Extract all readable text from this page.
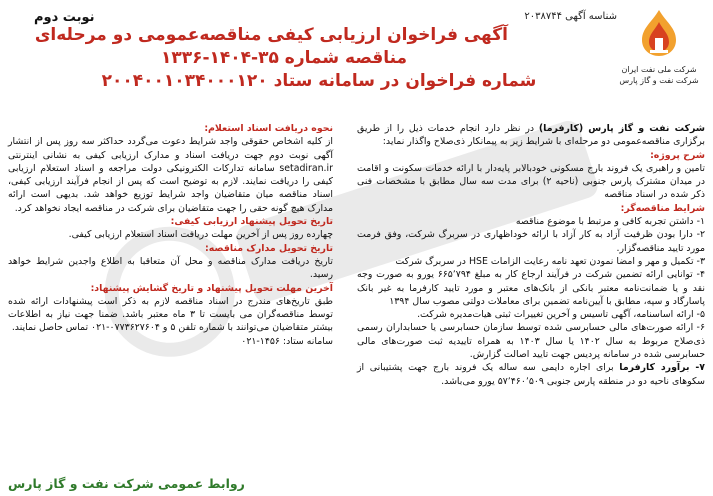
شرکت ملی نفت ایران
شرکت نفت و گاز پارس
شناسه آگهی ۲۰۳۸۷۴۴
نوبت دوم
آگهی فراخوان ارزیابی کیفی مناقصه‌عمومی دو مرحله‌ای
مناقصه شماره ۳۵-۱۴۰۴-۱۳۳۶
شماره فراخوان در سامانه ستاد ۲۰۰۴۰۰۱۰۳۴۰۰۰۱۲۰

شرکت نفت و گاز پارس (کارفرما) در نظر دارد انجام خدمات ذیل را از طریق برگزاری مناقصه‌عمومی دو مرحله‌ای با شرایط زیر به پیمانکار ذی‌صلاح واگذار نماید:

شرح پروژه:

تامین و راهبری یک فروند بارج مسکونی خودبالابر پایه‌دار با ارائه خدمات سکونت و اقامت در میدان مشترک پارس جنوبی (ناحیه ۲) برای مدت سه سال مطابق با مشخصات فنی ذکر شده در اسناد مناقصه

شرایط مناقصه‌گر:

۱- داشتن تجربه کافی و مرتبط با موضوع مناقصه

۲- دارا بودن ظرفیت آزاد به کار آزاد با ارائه خوداظهاری در سربرگ شرکت، وفق فرمت مورد تایید مناقصه‌گزار.

۳- تکمیل و مهر و امضا نمودن تعهد نامه رعایت الزامات HSE در سربرگ شرکت

۴- توانایی ارائه تضمین شرکت در فرآیند ارجاع کار به مبلغ ۶۶۵٬۷۹۴ یورو به صورت وجه نقد و یا ضمانت‌نامه معتبر بانکی از بانک‌های معتبر و مورد تایید کارفرما به غیر بانک پاسارگاد و سپه، مطابق با آیین‌نامه تضمین برای معاملات دولتی مصوب سال ۱۳۹۴

۵- ارائه اساسنامه، آگهی تاسیس و آخرین تغییرات ثبتی هیات‌مدیره شرکت.

۶- ارائه صورت‌های مالی حسابرسی شده توسط سازمان حسابرسی یا حسابداران رسمی ذی‌صلاح مربوط به سال ۱۴۰۲ یا سال ۱۴۰۳ به همراه تاییدیه ثبت صورت‌های مالی حسابرسی شده در سامانه پردیس جهت تایید اصالت گزارش.

۷- برآورد کارفرما برای اجاره دایمی سه ساله یک فروند بارج جهت پشتیبانی از سکوهای ناحیه دو در منطقه پارس جنوبی ۵۷٬۴۶۰٬۵۰۹ یورو می‌باشد.

نحوه دریافت اسناد استعلام:

از کلیه اشخاص حقوقی واجد شرایط دعوت می‌گردد حداکثر سه روز پس از انتشار آگهی نوبت دوم جهت دریافت اسناد و مدارک ارزیابی کیفی به نشانی اینترنتی setadiran.ir سامانه تدارکات الکترونیکی دولت مراجعه و اسناد استعلام ارزیابی کیفی را دریافت نمایند. لازم به توضیح است که پس از انجام فرآیند ارزیابی کیفی، اسناد مناقصه میان متقاضیان واجد شرایط توزیع خواهد شد. بدیهی است ارائه مدارک هیچ گونه حقی را جهت متقاضیان برای شرکت در مناقصه ایجاد نخواهد کرد.

تاریخ تحویل پیشنهاد ارزیابی کیفی:

چهارده روز پس از آخرین مهلت دریافت اسناد استعلام ارزیابی کیفی.

تاریخ تحویل مدارک مناقصه:

تاریخ دریافت مدارک مناقصه و محل آن متعاقبا به اطلاع واجدین شرایط خواهد رسید.

آخرین مهلت تحویل پیشنهاد و تاریخ گشایش پیشنهاد:

طبق تاریخ‌های مندرج در اسناد مناقصه لازم به ذکر است پیشنهادات ارائه شده توسط مناقصه‌گران می بایست تا ۳ ماه معتبر باشد. ضمنا جهت نیاز به اطلاعات بیشتر متقاضیان می‌توانند با شماره تلفن ۵ و ۰۷۷۳۶۲۷۶۰۴-۰۲۱ تماس حاصل نمایند.

سامانه ستاد: ۱۴۵۶-۰۲۱

روابط عمومی شرکت نفت و گاز پارس
